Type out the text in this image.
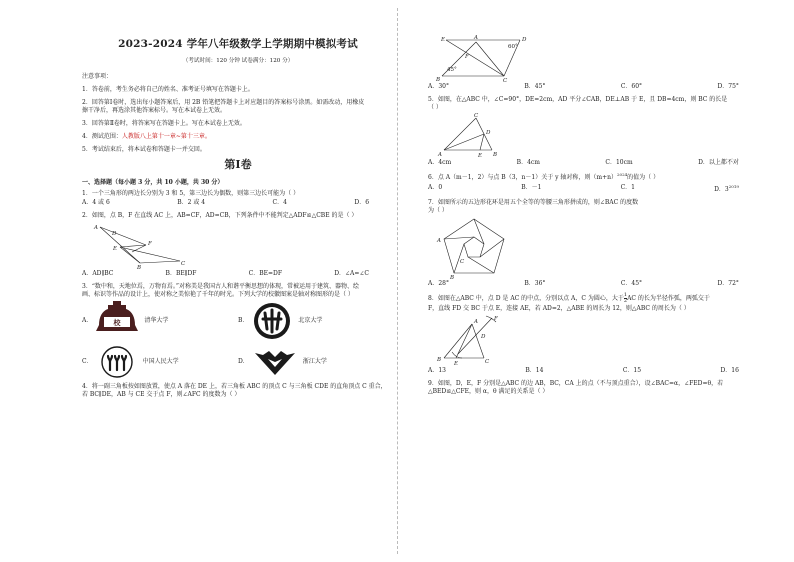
2023-2024 学年八年级数学上学期期中模拟考试
（考试时间：120 分钟 试卷满分：120 分）

注意事项：

1．答卷前，考生务必将自己的姓名、准考证号填写在答题卡上。

2．回答第Ⅰ卷时，选出每小题答案后，用 2B 铅笔把答题卡上对应题目的答案标号涂黑。如需改动，用橡皮

擦干净后，再选涂其他答案标号。写在本试卷上无效。

3．回答第Ⅱ卷时，将答案写在答题卡上。写在本试卷上无效。

4．测试范围：人教版八上第十一章~第十三章。

5．考试结束后，将本试卷和答题卡一并交回。

第Ⅰ卷
一、选择题（每小题 3 分，共 10 小题，共 30 分）

1．一个三角形的两边长分别为 3 和 5，第三边长为偶数，则第三边长可能为（ ）

A．4 或 6	B．2 或 4	C．4	D．6

2．如图，点 B，F 在直线 AC 上，AB=CF，AD=CB，下列条件中不能判定△ADF≌△CBE 的是（ ）

A
D
E
F
B
C
A．AD∥BC	B．BE∥DF	C．BE=DF	D．∠A=∠C

3．“数中和，天地位焉，万物育焉。”对称美是我国古人和谐平衡思想的体现，常被运用于建筑、器物、绘

画、标识等作品的设计上，使对称之美惊艳了千年的时光。下列大学的校徽图案是轴对称图形的是（ ）

A．	校	清华大学	B．	北京大学
C．	中国人民大学	D．	浙江大学

4．将一副三角板按如图放置，使点 A 落在 DE 上，若三角板 ABC 的顶点 C 与三角板 CDE 的直角顶点 C 重合，

若 BC∥DE，AB 与 CE 交于点 F，则∠AFC 的度数为（ ）

E	A	D
60°
F
45°
B	C
A．30°	B．45°	C．60°	D．75°

5．如图，在△ABC 中，∠C=90°，DE=2cm，AD 平分∠CAB，DE⊥AB 于 E，且 DB=4cm，则 BC 的长是

（ ）

C
D
A	E B
A．4cm	B．4cm	C．10cm	D．以上都不对

6．点 A（m－1，2）与点 B（3，n－1）关于 y 轴对称，则$(m+n)^{2024}$的值为（ ）

A．0	B．－1	C．1	D．32019

7．如图所示的五边形花环是用五个全等的等腰三角形拼成的，则∠BAC 的度数

为（ ）

A
B
C
A．28°	B．36°	C．45°	D．72°

8．如图在△ABC 中，点 D 是 AC 的中点，分别以点 A，C 为圆心，大于 $\frac{1}{2}$ AC 的长为半径作弧，两弧交于

F，直线 FD 交 BC 于点 E，连接 AE，若 AD=2，△ABE 的周长为 12，则△ABC 的周长为（ ）

F
A
D
B
E	C
A．13	B．14	C．15	D．16

9．如图，D，E，F 分别是△ABC 的边 AB，BC，CA 上的点（不与顶点重合），设∠BAC=α，∠FED=θ，若

△BED≌△CFE，则 α，θ 满足的关系是（ ）
